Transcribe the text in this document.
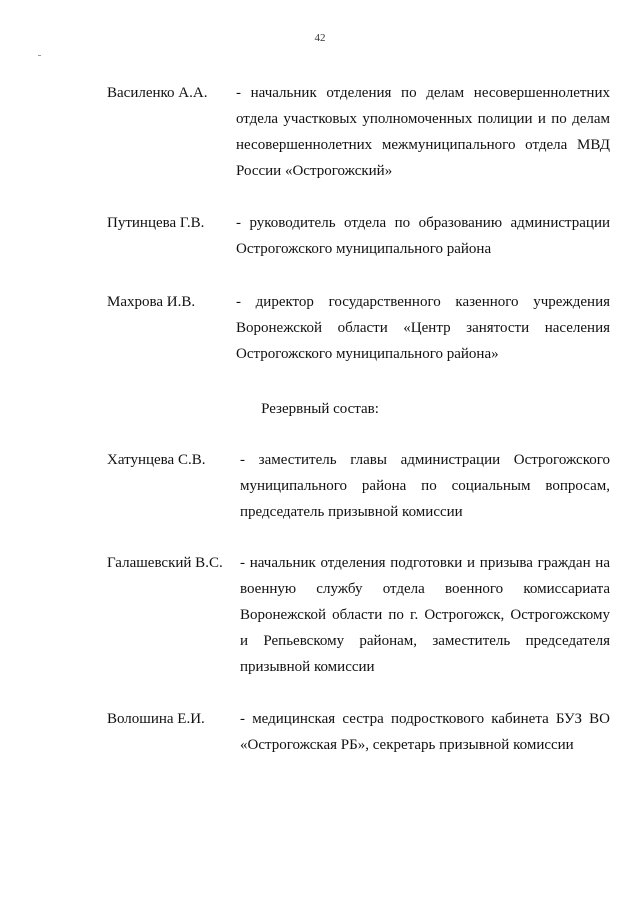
42
Василенко А.А. - начальник отделения по делам несовершеннолетних
отдела участковых уполномоченных полиции и по делам
несовершеннолетних межмуниципального отдела МВД
России «Острогожский»
Путинцева Г.В. - руководитель отдела по образованию администрации
Острогожского муниципального района
Махрова И.В.	- директор государственного казенного учреждения
Воронежской области «Центр занятости населения
Острогожского муниципального района»
Резервный состав:
Хатунцева С.В. - заместитель главы администрации Острогожского
муниципального района по социальным вопросам,
председатель призывной комиссии
Галашевский В.С. - начальник отделения подготовки и призыва граждан на
военную службу отдела военного комиссариата
Воронежской области по г. Острогожск, Острогожскому
и Репьевскому районам, заместитель председателя
призывной комиссии
Волошина Е.И. - медицинская сестра подросткового кабинета БУЗ ВО
«Острогожская РБ», секретарь призывной комиссии
